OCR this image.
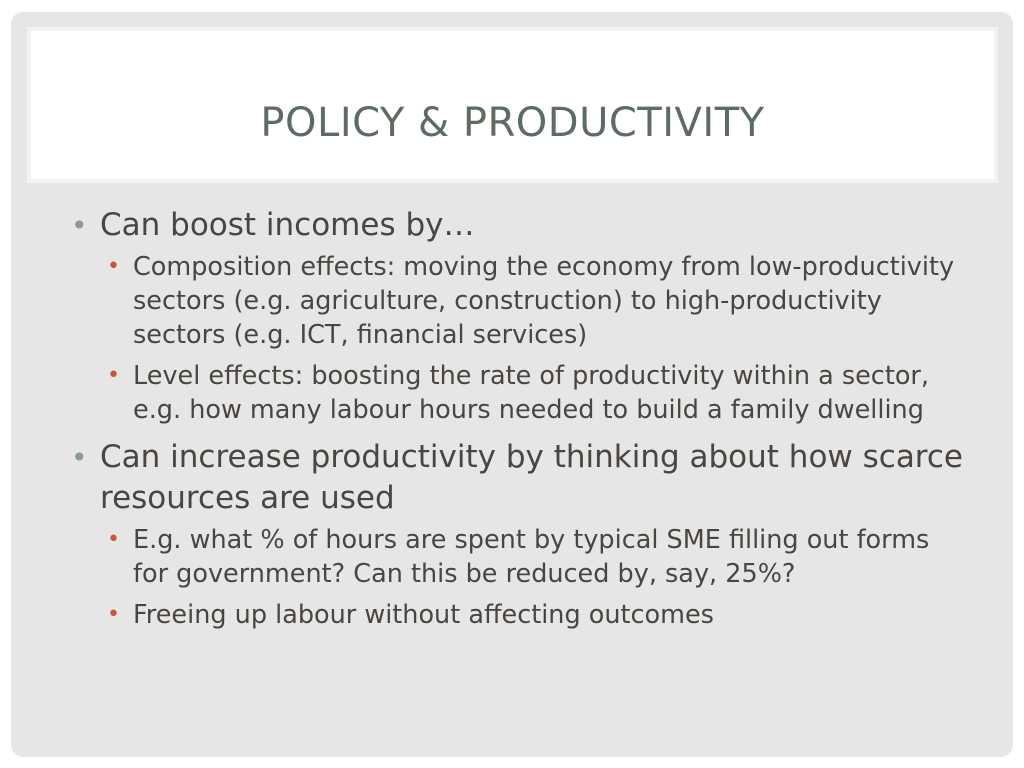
POLICY & PRODUCTIVITY
• Can boost incomes by…
• Composition effects: moving the economy from low-productivity sectors (e.g. agriculture, construction) to high-productivity sectors (e.g. ICT, financial services)
• Level effects: boosting the rate of productivity within a sector, e.g. how many labour hours needed to build a family dwelling
• Can increase productivity by thinking about how scarce resources are used
• E.g. what % of hours are spent by typical SME filling out forms for government? Can this be reduced by, say, 25%?
• Freeing up labour without affecting outcomes
